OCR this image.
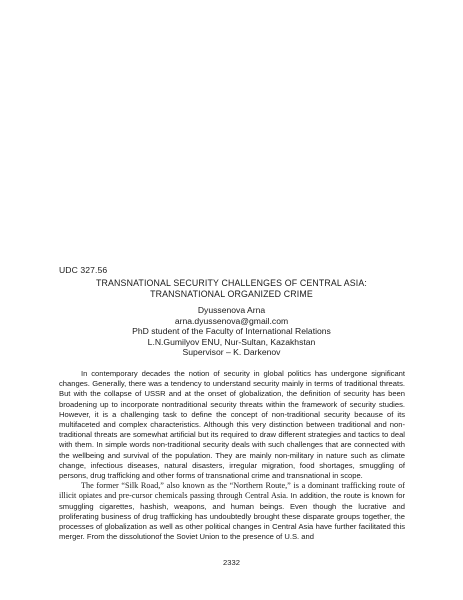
UDC 327.56
TRANSNATIONAL SECURITY CHALLENGES OF CENTRAL ASIA:
TRANSNATIONAL ORGANIZED CRIME
Dyussenova Arna
arna.dyussenova@gmail.com
PhD student of the Faculty of International Relations
L.N.Gumilyov ENU, Nur-Sultan, Kazakhstan
Supervisor – K. Darkenov

In contemporary decades the notion of security in global politics has undergone significant changes. Generally, there was a tendency to understand security mainly in terms of traditional threats. But with the collapse of USSR and at the onset of globalization, the definition of security has been broadening up to incorporate nontraditional security threats within the framework of security studies. However, it is a challenging task to define the concept of non-traditional security because of its multifaceted and complex characteristics. Although this very distinction between traditional and non-traditional threats are somewhat artificial but its required to draw different strategies and tactics to deal with them. In simple words non-traditional security deals with such challenges that are connected with the wellbeing and survival of the population. They are mainly non-military in nature such as climate change, infectious diseases, natural disasters, irregular migration, food shortages, smuggling of persons, drug trafficking and other forms of transnational crime and transnational in scope.

The former “Silk Road,” also known as the “Northern Route,” is a dominant trafficking route of illicit opiates and pre-cursor chemicals passing through Central Asia. In addition, the route is known for smuggling cigarettes, hashish, weapons, and human beings. Even though the lucrative and proliferating business of drug trafficking has undoubtedly brought these disparate groups together, the processes of globalization as well as other political changes in Central Asia have further facilitated this merger. From the dissolutionof the Soviet Union to the presence of U.S. and

2332
